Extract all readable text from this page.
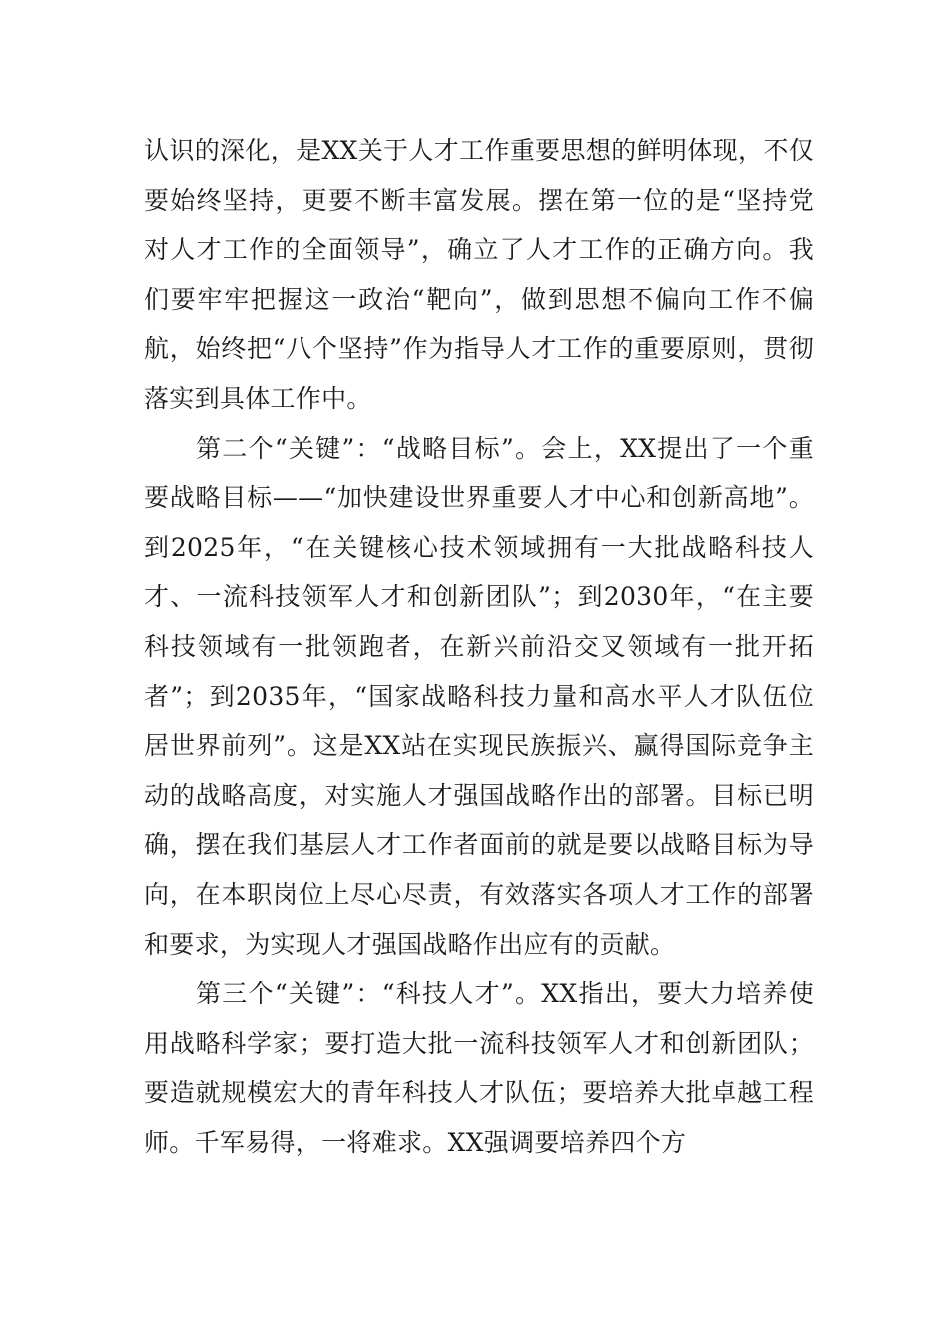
认识的深化，是XX关于人才工作重要思想的鲜明体现，不仅要始终坚持，更要不断丰富发展。摆在第一位的是“坚持党对人才工作的全面领导”，确立了人才工作的正确方向。我们要牢牢把握这一政治“靶向”，做到思想不偏向工作不偏航，始终把“八个坚持”作为指导人才工作的重要原则，贯彻落实到具体工作中。

第二个“关键”：“战略目标”。会上，XX提出了一个重要战略目标——“加快建设世界重要人才中心和创新高地”。到2025年，“在关键核心技术领域拥有一大批战略科技人才、一流科技领军人才和创新团队”；到2030年，“在主要科技领域有一批领跑者，在新兴前沿交叉领域有一批开拓者”；到2035年，“国家战略科技力量和高水平人才队伍位居世界前列”。这是XX站在实现民族振兴、赢得国际竞争主动的战略高度，对实施人才强国战略作出的部署。目标已明确，摆在我们基层人才工作者面前的就是要以战略目标为导向，在本职岗位上尽心尽责，有效落实各项人才工作的部署和要求，为实现人才强国战略作出应有的贡献。

第三个“关键”：“科技人才”。XX指出，要大力培养使用战略科学家；要打造大批一流科技领军人才和创新团队；要造就规模宏大的青年科技人才队伍；要培养大批卓越工程师。千军易得，一将难求。XX强调要培养四个方
